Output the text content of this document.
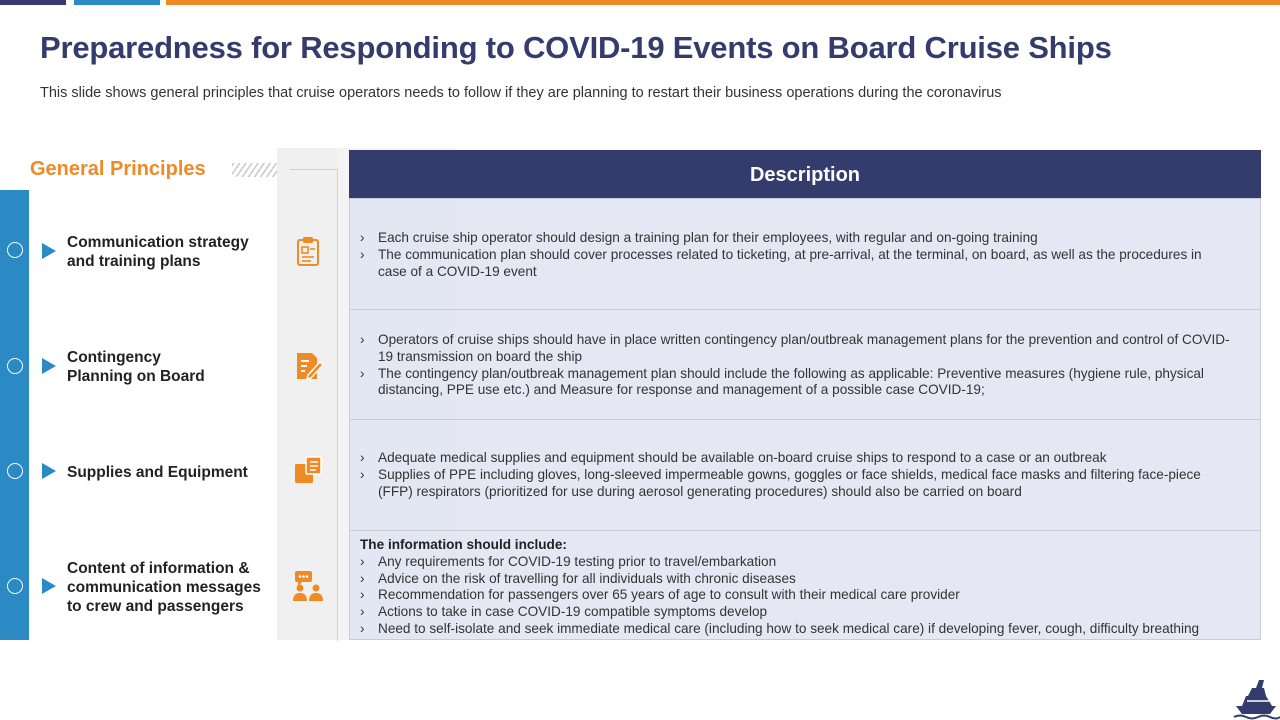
Preparedness for Responding to COVID-19 Events on Board Cruise Ships

This slide shows general principles that cruise operators needs to follow if they are planning to restart their business operations during the coronavirus

General Principles
Communication strategy
and training plans
Contingency
Planning on Board
Supplies and Equipment
Content of information &
communication messages
to crew and passengers
Description
› Each cruise ship operator should design a training plan for their employees, with regular and on-going training
› The communication plan should cover processes related to ticketing, at pre-arrival, at the terminal, on board, as well as the procedures in case of a COVID-19 event
› Operators of cruise ships should have in place written contingency plan/outbreak management plans for the prevention and control of COVID-19 transmission on board the ship
› The contingency plan/outbreak management plan should include the following as applicable: Preventive measures (hygiene rule, physical distancing, PPE use etc.) and Measure for response and management of a possible case COVID-19;
› Adequate medical supplies and equipment should be available on-board cruise ships to respond to a case or an outbreak
› Supplies of PPE including gloves, long-sleeved impermeable gowns, goggles or face shields, medical face masks and filtering face-piece (FFP) respirators (prioritized for use during aerosol generating procedures) should also be carried on board
The information should include:
› Any requirements for COVID-19 testing prior to travel/embarkation
› Advice on the risk of travelling for all individuals with chronic diseases
› Recommendation for passengers over 65 years of age to consult with their medical care provider
› Actions to take in case COVID-19 compatible symptoms develop
› Need to self-isolate and seek immediate medical care (including how to seek medical care) if developing fever, cough, difficulty breathing
